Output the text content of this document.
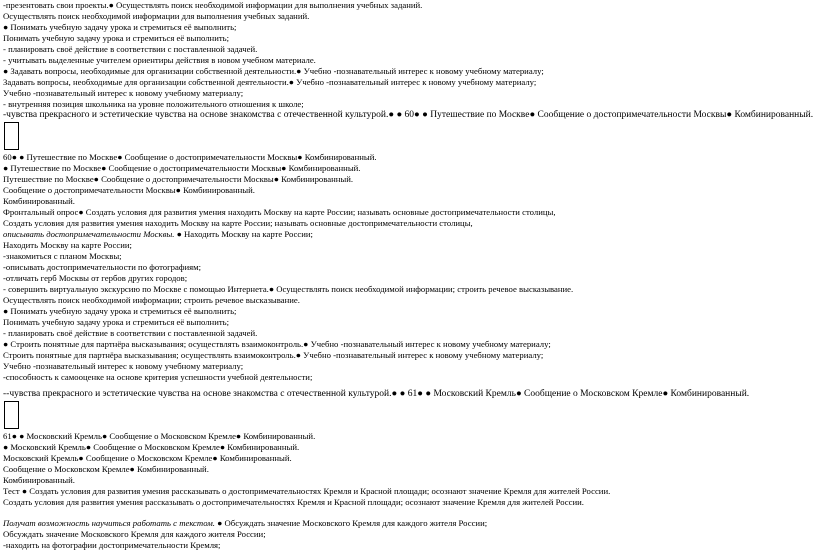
-презентовать свои проекты.● Осуществлять поиск необходимой информации для выполнения учебных заданий.
Осуществлять поиск необходимой информации для выполнения учебных заданий.
● Понимать учебную задачу урока и стремиться её выполнить;
Понимать учебную задачу урока и стремиться её выполнить;
- планировать своё действие в соответствии с поставленной задачей.
- учитывать выделенные учителем ориентиры действия в новом учебном материале.
● Задавать вопросы, необходимые для организации собственной деятельности.● Учебно -познавательный интерес к новому учебному материалу;
Задавать вопросы, необходимые для организации собственной деятельности.● Учебно -познавательный интерес к новому учебному материалу;
Учебно -познавательный интерес к новому учебному материалу;
- внутренняя позиция школьника на уровне положительного отношения к школе;
-чувства прекрасного и эстетические чувства на основе знакомства с отечественной культурой.● ● 60● ● Путешествие по Москве● Сообщение о достопримечательности Москвы● Комбинированный.
60● ● Путешествие по Москве● Сообщение о достопримечательности Москвы● Комбинированный.
● Путешествие по Москве● Сообщение о достопримечательности Москвы● Комбинированный.
Путешествие по Москве● Сообщение о достопримечательности Москвы● Комбинированный.
Сообщение о достопримечательности Москвы● Комбинированный.
Комбинированный.
Фронтальный опрос● Создать условия для развития умения находить Москву на карте России; называть основные достопримечательности столицы,
Создать условия для развития умения находить Москву на карте России; называть основные достопримечательности столицы,
описывать достопримечательности Москвы. ● Находить Москву на карте России;
Находить Москву на карте России;
-знакомиться с планом Москвы;
-описывать достопримечательности по фотографиям;
-отличать герб Москвы от гербов других городов;
- совершить виртуальную экскурсию по Москве с помощью Интернета.● Осуществлять поиск необходимой информации; строить речевое высказывание.
Осуществлять поиск необходимой информации; строить речевое высказывание.
● Понимать учебную задачу урока и стремиться её выполнить;
Понимать учебную задачу урока и стремиться её выполнить;
- планировать своё действие в соответствии с поставленной задачей.
● Строить понятные для партнёра высказывания; осуществлять взаимоконтроль.● Учебно -познавательный интерес к новому учебному материалу;
Строить понятные для партнёра высказывания; осуществлять взаимоконтроль.● Учебно -познавательный интерес к новому учебному материалу;
Учебно -познавательный интерес к новому учебному материалу;
-способность к самооценке на основе критерия успешности учебной деятельности;
--чувства прекрасного и эстетические чувства на основе знакомства с отечественной культурой.● ● 61● ● Московский Кремль● Сообщение о Московском Кремле● Комбинированный.
61● ● Московский Кремль● Сообщение о Московском Кремле● Комбинированный.
● Московский Кремль● Сообщение о Московском Кремле● Комбинированный.
Московский Кремль● Сообщение о Московском Кремле● Комбинированный.
Сообщение о Московском Кремле● Комбинированный.
Комбинированный.
Тест ● Создать условия для развития умения рассказывать о достопримечательностях Кремля и Красной площади; осознают значение Кремля для жителей России.
Создать условия для развития умения рассказывать о достопримечательностях Кремля и Красной площади; осознают значение Кремля для жителей России.
Получат возможность научиться работать с текстом. ● Обсуждать значение Московского Кремля для каждого жителя России;
Обсуждать значение Московского Кремля для каждого жителя России;
-находить на фотографии достопримечательности Кремля;
